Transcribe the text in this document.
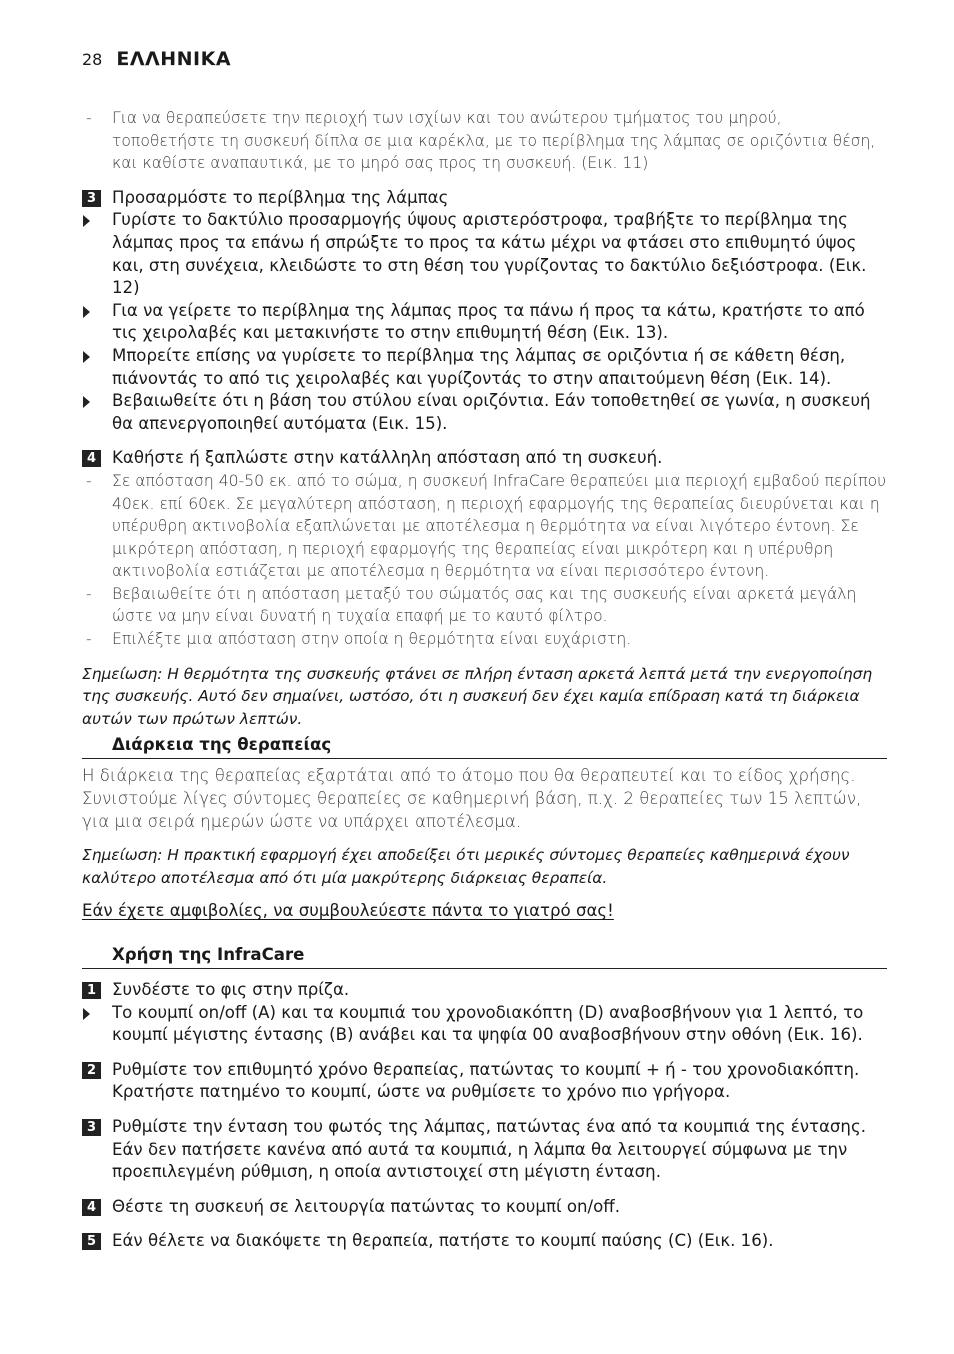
28 ΕΛΛΗΝΙΚΑ
- Για να θεραπεύσετε την περιοχή των ισχίων και του ανώτερου τμήματος του μηρού, τοποθετήστε τη συσκευή δίπλα σε μια καρέκλα, με το περίβλημα της λάμπας σε οριζόντια θέση, και καθίστε αναπαυτικά, με το μηρό σας προς τη συσκευή. (Εικ. 11)
3 Προσαρμόστε το περίβλημα της λάμπας
Γυρίστε το δακτύλιο προσαρμογής ύψους αριστερόστροφα, τραβήξτε το περίβλημα της λάμπας προς τα επάνω ή σπρώξτε το προς τα κάτω μέχρι να φτάσει στο επιθυμητό ύψος και, στη συνέχεια, κλειδώστε το στη θέση του γυρίζοντας το δακτύλιο δεξιόστροφα. (Εικ. 12)
Για να γείρετε το περίβλημα της λάμπας προς τα πάνω ή προς τα κάτω, κρατήστε το από τις χειρολαβές και μετακινήστε το στην επιθυμητή θέση (Εικ. 13).
Μπορείτε επίσης να γυρίσετε το περίβλημα της λάμπας σε οριζόντια ή σε κάθετη θέση, πιάνοντάς το από τις χειρολαβές και γυρίζοντάς το στην απαιτούμενη θέση (Εικ. 14).
Βεβαιωθείτε ότι η βάση του στύλου είναι οριζόντια. Εάν τοποθετηθεί σε γωνία, η συσκευή θα απενεργοποιηθεί αυτόματα (Εικ. 15).
4 Καθήστε ή ξαπλώστε στην κατάλληλη απόσταση από τη συσκευή.
- Σε απόσταση 40-50 εκ. από το σώμα, η συσκευή InfraCare θεραπεύει μια περιοχή εμβαδού περίπου 40εκ. επί 60εκ. Σε μεγαλύτερη απόσταση, η περιοχή εφαρμογής της θεραπείας διευρύνεται και η υπέρυθρη ακτινοβολία εξαπλώνεται με αποτέλεσμα η θερμότητα να είναι λιγότερο έντονη. Σε μικρότερη απόσταση, η περιοχή εφαρμογής της θεραπείας είναι μικρότερη και η υπέρυθρη ακτινοβολία εστιάζεται με αποτέλεσμα η θερμότητα να είναι περισσότερο έντονη.
- Βεβαιωθείτε ότι η απόσταση μεταξύ του σώματός σας και της συσκευής είναι αρκετά μεγάλη ώστε να μην είναι δυνατή η τυχαία επαφή με το καυτό φίλτρο.
- Επιλέξτε μια απόσταση στην οποία η θερμότητα είναι ευχάριστη.
Σημείωση: Η θερμότητα της συσκευής φτάνει σε πλήρη ένταση αρκετά λεπτά μετά την ενεργοποίηση της συσκευής. Αυτό δεν σημαίνει, ωστόσο, ότι η συσκευή δεν έχει καμία επίδραση κατά τη διάρκεια αυτών των πρώτων λεπτών.
Διάρκεια της θεραπείας
Η διάρκεια της θεραπείας εξαρτάται από το άτομο που θα θεραπευτεί και το είδος χρήσης. Συνιστούμε λίγες σύντομες θεραπείες σε καθημερινή βάση, π.χ. 2 θεραπείες των 15 λεπτών, για μια σειρά ημερών ώστε να υπάρχει αποτέλεσμα.
Σημείωση: Η πρακτική εφαρμογή έχει αποδείξει ότι μερικές σύντομες θεραπείες καθημερινά έχουν καλύτερο αποτέλεσμα από ότι μία μακρύτερης διάρκειας θεραπεία.
Εάν έχετε αμφιβολίες, να συμβουλεύεστε πάντα το γιατρό σας!
Χρήση της InfraCare
1 Συνδέστε το φις στην πρίζα.
Το κουμπί on/off (A) και τα κουμπιά του χρονοδιακόπτη (D) αναβοσβήνουν για 1 λεπτό, το κουμπί μέγιστης έντασης (B) ανάβει και τα ψηφία 00 αναβοσβήνουν στην οθόνη (Εικ. 16).
2 Ρυθμίστε τον επιθυμητό χρόνο θεραπείας, πατώντας το κουμπί + ή - του χρονοδιακόπτη. Κρατήστε πατημένο το κουμπί, ώστε να ρυθμίσετε το χρόνο πιο γρήγορα.
3 Ρυθμίστε την ένταση του φωτός της λάμπας, πατώντας ένα από τα κουμπιά της έντασης. Εάν δεν πατήσετε κανένα από αυτά τα κουμπιά, η λάμπα θα λειτουργεί σύμφωνα με την προεπιλεγμένη ρύθμιση, η οποία αντιστοιχεί στη μέγιστη ένταση.
4 Θέστε τη συσκευή σε λειτουργία πατώντας το κουμπί on/off.
5 Εάν θέλετε να διακόψετε τη θεραπεία, πατήστε το κουμπί παύσης (C) (Εικ. 16).
